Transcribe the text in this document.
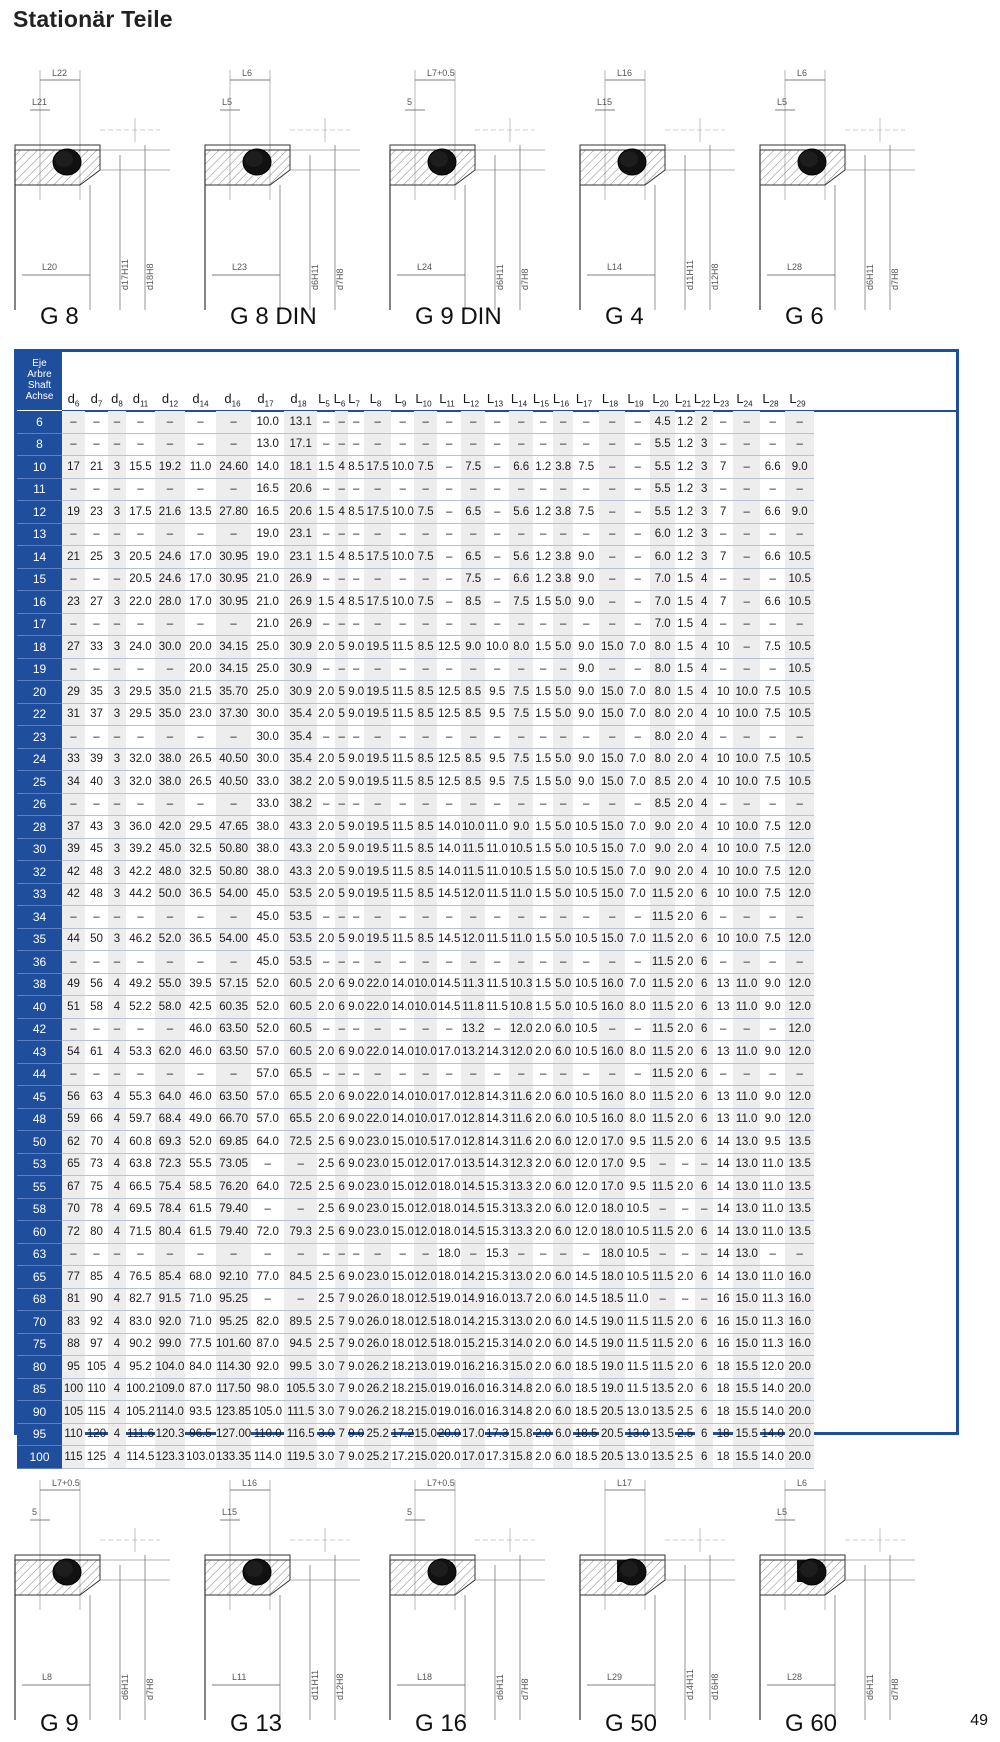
Stationär Teile
L22
L21
d17H11 d18H8
L20
G 8
L6
L5
d6H11 d7H8
L23
G 8 DIN
L7+0.5
5
d6H11 d7H8
L24
G 9 DIN
L16
L15
d11H11 d12H8
L14
G 4
L6
L5
d6H11 d7H8
L28
G 6
L7+0.5
5
d6H11 d7H8
L8
G 9
L16
L15
d11H11 d12H8
L11
G 13
L7+0.5
5
d6H11 d7H8
L18
G 16
L17
d14H11 d16H8
L29
G 50
L6
L5
d6H11 d7H8
L28
G 60
Eje
Arbre
Shaft
Achse	$d_6$ $d_7$ $d_8$ $d_{11}$	$d_{12}$	$d_{14}$	$d_{16}$	$d_{17}$	$d_{18}$ $L_5$ $L_6$ $L_7$ $L_8$	$L_9$ $L_{10}$ $L_{11}$ $L_{12}$ $L_{13}$ $L_{14}$ $L_{15}$ $L_{16}$ $L_{17}$ $L_{18}$ $L_{19}$ $L_{20}$ $L_{21}$ $L_{22}$ $L_{23}$ $L_{24}$ $L_{28}$ $L_{29}$
6	–	–	–	–	–	–	–	10.0	13.1	–	–	–	–	–	–	–	–	–	–	–	–	–	–	–	4.5	1.2	2	–	–	–	–
8	–	–	–	–	–	–	–	13.0	17.1	–	–	–	–	–	–	–	–	–	–	–	–	–	–	–	5.5	1.2	3	–	–	–	–
10	17	21	3	15.5	19.2	11.0	24.60	14.0	18.1	1.5	4	8.5	17.5	10.0	7.5	–	7.5	–	6.6	1.2	3.8	7.5	–	–	5.5	1.2	3	7	–	6.6	9.0
11	–	–	–	–	–	–	–	16.5	20.6	–	–	–	–	–	–	–	–	–	–	–	–	–	–	–	5.5	1.2	3	–	–	–	–
12	19	23	3	17.5	21.6	13.5	27.80	16.5	20.6	1.5	4	8.5	17.5	10.0	7.5	–	6.5	–	5.6	1.2	3.8	7.5	–	–	5.5	1.2	3	7	–	6.6	9.0
13	–	–	–	–	–	–	–	19.0	23.1	–	–	–	–	–	–	–	–	–	–	–	–	–	–	–	6.0	1.2	3	–	–	–	–
14	21	25	3	20.5	24.6	17.0	30.95	19.0	23.1	1.5	4	8.5	17.5	10.0	7.5	–	6.5	–	5.6	1.2	3.8	9.0	–	–	6.0	1.2	3	7	–	6.6	10.5
15	–	–	–	20.5	24.6	17.0	30.95	21.0	26.9	–	–	–	–	–	–	–	7.5	–	6.6	1.2	3.8	9.0	–	–	7.0	1.5	4	–	–	–	10.5
16	23	27	3	22.0	28.0	17.0	30.95	21.0	26.9	1.5	4	8.5	17.5	10.0	7.5	–	8.5	–	7.5	1.5	5.0	9.0	–	–	7.0	1.5	4	7	–	6.6	10.5
17	–	–	–	–	–	–	–	21.0	26.9	–	–	–	–	–	–	–	–	–	–	–	–	–	–	–	7.0	1.5	4	–	–	–	–
18	27	33	3	24.0	30.0	20.0	34.15	25.0	30.9	2.0	5	9.0	19.5	11.5	8.5	12.5	9.0	10.0	8.0	1.5	5.0	9.0	15.0	7.0	8.0	1.5	4	10	–	7.5	10.5
19	–	–	–	–	–	20.0	34.15	25.0	30.9	–	–	–	–	–	–	–	–	–	–	–	–	9.0	–	–	8.0	1.5	4	–	–	–	10.5
20	29	35	3	29.5	35.0	21.5	35.70	25.0	30.9	2.0	5	9.0	19.5	11.5	8.5	12.5	8.5	9.5	7.5	1.5	5.0	9.0	15.0	7.0	8.0	1.5	4	10	10.0	7.5	10.5
22	31	37	3	29.5	35.0	23.0	37.30	30.0	35.4	2.0	5	9.0	19.5	11.5	8.5	12.5	8.5	9.5	7.5	1.5	5.0	9.0	15.0	7.0	8.0	2.0	4	10	10.0	7.5	10.5
23	–	–	–	–	–	–	–	30.0	35.4	–	–	–	–	–	–	–	–	–	–	–	–	–	–	–	8.0	2.0	4	–	–	–	–
24	33	39	3	32.0	38.0	26.5	40.50	30.0	35.4	2.0	5	9.0	19.5	11.5	8.5	12.5	8.5	9.5	7.5	1.5	5.0	9.0	15.0	7.0	8.0	2.0	4	10	10.0	7.5	10.5
25	34	40	3	32.0	38.0	26.5	40.50	33.0	38.2	2.0	5	9.0	19.5	11.5	8.5	12.5	8.5	9.5	7.5	1.5	5.0	9.0	15.0	7.0	8.5	2.0	4	10	10.0	7.5	10.5
26	–	–	–	–	–	–	–	33.0	38.2	–	–	–	–	–	–	–	–	–	–	–	–	–	–	–	8.5	2.0	4	–	–	–	–
28	37	43	3	36.0	42.0	29.5	47.65	38.0	43.3	2.0	5	9.0	19.5	11.5	8.5	14.0	10.0	11.0	9.0	1.5	5.0	10.5	15.0	7.0	9.0	2.0	4	10	10.0	7.5	12.0
30	39	45	3	39.2	45.0	32.5	50.80	38.0	43.3	2.0	5	9.0	19.5	11.5	8.5	14.0	11.5	11.0	10.5	1.5	5.0	10.5	15.0	7.0	9.0	2.0	4	10	10.0	7.5	12.0
32	42	48	3	42.2	48.0	32.5	50.80	38.0	43.3	2.0	5	9.0	19.5	11.5	8.5	14.0	11.5	11.0	10.5	1.5	5.0	10.5	15.0	7.0	9.0	2.0	4	10	10.0	7.5	12.0
33	42	48	3	44.2	50.0	36.5	54.00	45.0	53.5	2.0	5	9.0	19.5	11.5	8.5	14.5	12.0	11.5	11.0	1.5	5.0	10.5	15.0	7.0	11.5	2.0	6	10	10.0	7.5	12.0
34	–	–	–	–	–	–	–	45.0	53.5	–	–	–	–	–	–	–	–	–	–	–	–	–	–	–	11.5	2.0	6	–	–	–	–
35	44	50	3	46.2	52.0	36.5	54.00	45.0	53.5	2.0	5	9.0	19.5	11.5	8.5	14.5	12.0	11.5	11.0	1.5	5.0	10.5	15.0	7.0	11.5	2.0	6	10	10.0	7.5	12.0
36	–	–	–	–	–	–	–	45.0	53.5	–	–	–	–	–	–	–	–	–	–	–	–	–	–	–	11.5	2.0	6	–	–	–	–
38	49	56	4	49.2	55.0	39.5	57.15	52.0	60.5	2.0	6	9.0	22.0	14.0	10.0	14.5	11.3	11.5	10.3	1.5	5.0	10.5	16.0	7.0	11.5	2.0	6	13	11.0	9.0	12.0
40	51	58	4	52.2	58.0	42.5	60.35	52.0	60.5	2.0	6	9.0	22.0	14.0	10.0	14.5	11.8	11.5	10.8	1.5	5.0	10.5	16.0	8.0	11.5	2.0	6	13	11.0	9.0	12.0
42	–	–	–	–	–	46.0	63.50	52.0	60.5	–	–	–	–	–	–	–	13.2	–	12.0	2.0	6.0	10.5	–	–	11.5	2.0	6	–	–	–	12.0
43	54	61	4	53.3	62.0	46.0	63.50	57.0	60.5	2.0	6	9.0	22.0	14.0	10.0	17.0	13.2	14.3	12.0	2.0	6.0	10.5	16.0	8.0	11.5	2.0	6	13	11.0	9.0	12.0
44	–	–	–	–	–	–	–	57.0	65.5	–	–	–	–	–	–	–	–	–	–	–	–	–	–	–	11.5	2.0	6	–	–	–	–
45	56	63	4	55.3	64.0	46.0	63.50	57.0	65.5	2.0	6	9.0	22.0	14.0	10.0	17.0	12.8	14.3	11.6	2.0	6.0	10.5	16.0	8.0	11.5	2.0	6	13	11.0	9.0	12.0
48	59	66	4	59.7	68.4	49.0	66.70	57.0	65.5	2.0	6	9.0	22.0	14.0	10.0	17.0	12.8	14.3	11.6	2.0	6.0	10.5	16.0	8.0	11.5	2.0	6	13	11.0	9.0	12.0
50	62	70	4	60.8	69.3	52.0	69.85	64.0	72.5	2.5	6	9.0	23.0	15.0	10.5	17.0	12.8	14.3	11.6	2.0	6.0	12.0	17.0	9.5	11.5	2.0	6	14	13.0	9.5	13.5
53	65	73	4	63.8	72.3	55.5	73.05	–	–	2.5	6	9.0	23.0	15.0	12.0	17.0	13.5	14.3	12.3	2.0	6.0	12.0	17.0	9.5	–	–	–	14	13.0	11.0	13.5
55	67	75	4	66.5	75.4	58.5	76.20	64.0	72.5	2.5	6	9.0	23.0	15.0	12.0	18.0	14.5	15.3	13.3	2.0	6.0	12.0	17.0	9.5	11.5	2.0	6	14	13.0	11.0	13.5
58	70	78	4	69.5	78.4	61.5	79.40	–	–	2.5	6	9.0	23.0	15.0	12.0	18.0	14.5	15.3	13.3	2.0	6.0	12.0	18.0	10.5	–	–	–	14	13.0	11.0	13.5
60	72	80	4	71.5	80.4	61.5	79.40	72.0	79.3	2.5	6	9.0	23.0	15.0	12.0	18.0	14.5	15.3	13.3	2.0	6.0	12.0	18.0	10.5	11.5	2.0	6	14	13.0	11.0	13.5
63	–	–	–	–	–	–	–	–	–	–	–	–	–	–	–	18.0	–	15.3	–	–	–	–	18.0	10.5	–	–	–	14	13.0	–	–
65	77	85	4	76.5	85.4	68.0	92.10	77.0	84.5	2.5	6	9.0	23.0	15.0	12.0	18.0	14.2	15.3	13.0	2.0	6.0	14.5	18.0	10.5	11.5	2.0	6	14	13.0	11.0	16.0
68	81	90	4	82.7	91.5	71.0	95.25	–	–	2.5	7	9.0	26.0	18.0	12.5	19.0	14.9	16.0	13.7	2.0	6.0	14.5	18.5	11.0	–	–	–	16	15.0	11.3	16.0
70	83	92	4	83.0	92.0	71.0	95.25	82.0	89.5	2.5	7	9.0	26.0	18.0	12.5	18.0	14.2	15.3	13.0	2.0	6.0	14.5	19.0	11.5	11.5	2.0	6	16	15.0	11.3	16.0
75	88	97	4	90.2	99.0	77.5	101.60	87.0	94.5	2.5	7	9.0	26.0	18.0	12.5	18.0	15.2	15.3	14.0	2.0	6.0	14.5	19.0	11.5	11.5	2.0	6	16	15.0	11.3	16.0
80	95	105	4	95.2	104.0	84.0	114.30	92.0	99.5	3.0	7	9.0	26.2	18.2	13.0	19.0	16.2	16.3	15.0	2.0	6.0	18.5	19.0	11.5	11.5	2.0	6	18	15.5	12.0	20.0
85	100	110	4	100.2	109.0	87.0	117.50	98.0	105.5	3.0	7	9.0	26.2	18.2	15.0	19.0	16.0	16.3	14.8	2.0	6.0	18.5	19.0	11.5	13.5	2.0	6	18	15.5	14.0	20.0
90	105	115	4	105.2	114.0	93.5	123.85	105.0	111.5	3.0	7	9.0	26.2	18.2	15.0	19.0	16.0	16.3	14.8	2.0	6.0	18.5	20.5	13.0	13.5	2.5	6	18	15.5	14.0	20.0
95	110	120	4	111.6	120.3	96.5	127.00	110.0	116.5	3.0	7	9.0	25.2	17.2	15.0	20.0	17.0	17.3	15.8	2.0	6.0	18.5	20.5	13.0	13.5	2.5	6	18	15.5	14.0	20.0
100	115	125	4	114.5	123.3	103.0	133.35	114.0	119.5	3.0	7	9.0	25.2	17.2	15.0	20.0	17.0	17.3	15.8	2.0	6.0	18.5	20.5	13.0	13.5	2.5	6	18	15.5	14.0	20.0
49
